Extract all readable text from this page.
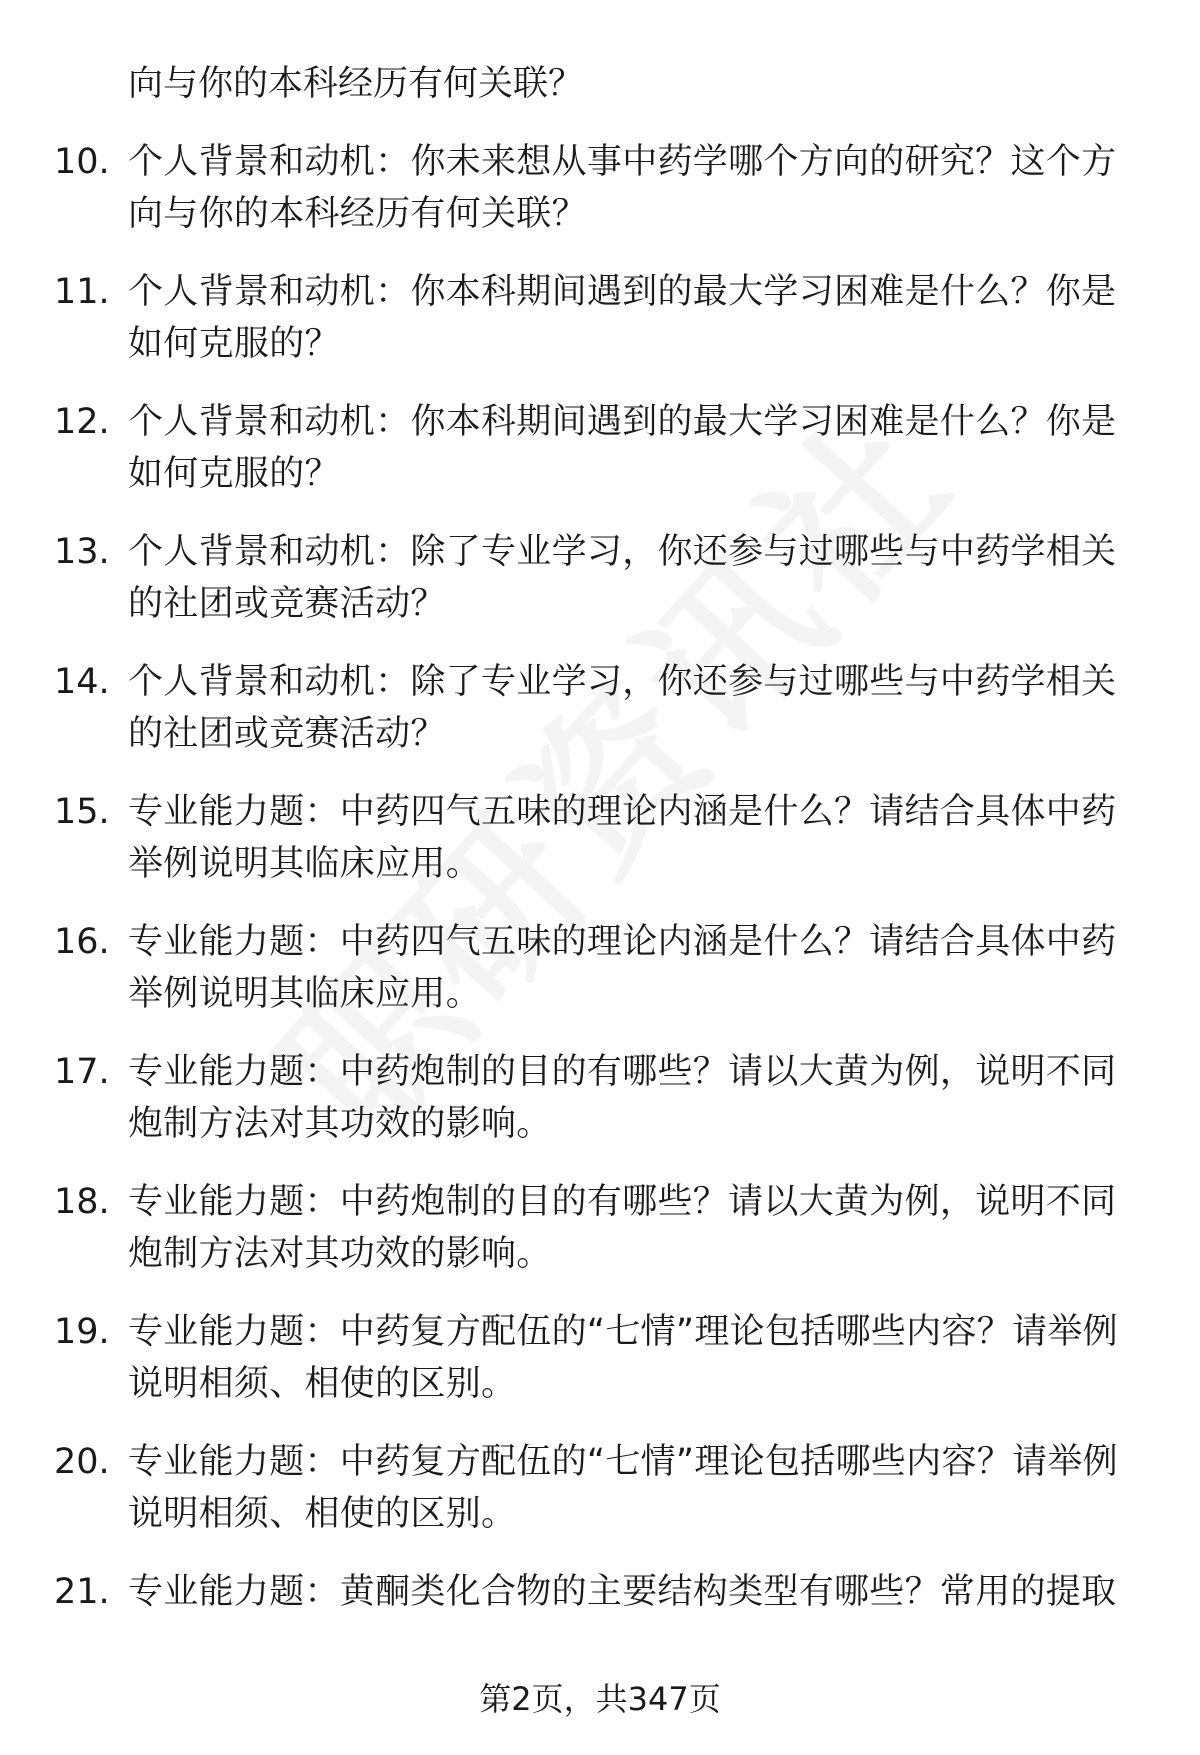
向与你的本科经历有何关联？
10. 个人背景和动机：你未来想从事中药学哪个方向的研究？这个方向与你的本科经历有何关联？
11. 个人背景和动机：你本科期间遇到的最大学习困难是什么？你是如何克服的？
12. 个人背景和动机：你本科期间遇到的最大学习困难是什么？你是如何克服的？
13. 个人背景和动机：除了专业学习，你还参与过哪些与中药学相关的社团或竞赛活动？
14. 个人背景和动机：除了专业学习，你还参与过哪些与中药学相关的社团或竞赛活动？
15. 专业能力题：中药四气五味的理论内涵是什么？请结合具体中药举例说明其临床应用。
16. 专业能力题：中药四气五味的理论内涵是什么？请结合具体中药举例说明其临床应用。
17. 专业能力题：中药炮制的目的有哪些？请以大黄为例，说明不同炮制方法对其功效的影响。
18. 专业能力题：中药炮制的目的有哪些？请以大黄为例，说明不同炮制方法对其功效的影响。
19. 专业能力题：中药复方配伍的“七情”理论包括哪些内容？请举例说明相须、相使的区别。
20. 专业能力题：中药复方配伍的“七情”理论包括哪些内容？请举例说明相须、相使的区别。
21. 专业能力题：黄酮类化合物的主要结构类型有哪些？常用的提取
第2页，共347页
